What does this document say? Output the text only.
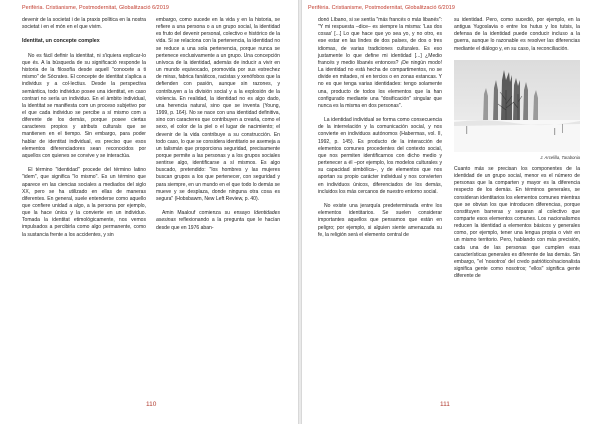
Perifèria. Cristianisme, Postmodernitat, Globalització 6/2019

devenir de la societat i de la praxis política en la nostra societat i en el món en el que vivim.

Identitat, un concepte complex

No es fàcil definir la identitat, ni s'iquiera explicar-lo que és. A la búsqueda de su significació responde la historia de la filosofía desde aquell "conocete a ti mismo" de Sócrates. El concepte de identitat s'aplica a individus y a col·lectius. Desde la perspectiva semàntica, todo individuo posee una identitat, en caso contrari no sería un individuo. En el àmbito individual, la identitat se manifiesta com un proceso subjetivo por el que cada individuo se percibe a sí mismo com a diferente de los demás, porque posee ciertas caracteres propios y atributs culturals que se mantienen en el tiempo. Sin embargo, para poder hablar de identitat individual, es preciso que esos elementos diferenciadores sean reconocidos por aquellos con quienes se convive y se interactúa.

El término "identidad" procede del término latino "idem", que significa "lo mismo". Es un término que aparece en las ciencias sociales a mediados del siglo XX, pero se ha utilizado en ellas de maneras diferentes. En general, suele entenderse como aquello que confiere unidad a algo, a la persona por ejemplo, que la hace única y la convierte en un individuo. Tomada la identitat etimológicamente, nos vemos impulsados a percibirla como algo permanente, como la sustancia frente a los accidentes, y sin

embargo, como sucede en la vida y en la historia, se refiere a una persona o a un grupo social, la identidad es fruto del devenir personal, colectivo e histórico de la vida. Si se relaciona con la pertenencia, la identidad no se reduce a una sola pertenencia, porque nunca se pertenece exclusivamente a un grupo. Una concepción unívoca de la identidad, además de inducir a vivir en un mundo equivocado, promovida por sus estrechez de miras, fabrica fanáticos, racistas y xenófobos que la defienden con pasión, aunque sin razones, y contribuyen a la división social y a la explosión de la violencia. En realidad, la identidad no es algo dado, una herencia natural, sino que se inventa (Young, 1999, p. 164). No se nace con una identidad definitiva, sino con caracteres que contribuyen a crearla, como el sexo, el color de la piel o el lugar de nacimiento; el devenir de la vida contribuye a su construcción. En todo caso, lo que se considera identitario se asemeja a un talismán que proporciona seguridad, precisamente porque permite a las personas y a los grupos sociales sentirse algo, identificarse a sí mismos. Es algo buscado, pretendido: "los hombres y las mujeres buscan grupos a los que pertenecer, con seguridad y para siempre, en un mundo en el que todo lo demás se mueve y se desplaza, donde ninguna otra cosa es segura" (Hobsbawm, New Left Review, p. 40).

Amin Maalouf comienza su ensayo Identidades asesinas reflexionando a la pregunta que le hacían desde que en 1976 aban-

110
Perifèria. Cristianisme, Postmodernitat, Globalització 6/2019

donó Líbano, si se sentía "más francés o más libanés": "Y mi respuesta –dice– es siempre la misma: 'Las dos cosas' [...] Lo que hace que yo sea yo, y no otro, es ese estar en las lindes de dos países, de dos o tres idiomas, de varias tradiciones culturales. Es eso justamente lo que define mi identidad [...] ¿Medio francés y medio libanés entonces? ¡De ningún modo! La identidad no está hecha de compartimentos, no se divide en mitades, ni en tercios o en zonas estancas. Y no es que tenga varias identidades: tengo solamente una, producto de todos los elementos que la han configurado mediante una "dosificación" singular que nunca es la misma en dos personas".

La identidad individual se forma como consecuencia de la interrelación y la comunicación social, y nos convierte en individuos autónomos (Habermas, vol. II, 1992, p. 145). Es producto de la interacción de elementos comunes procedentes del contexto social, que nos permiten identificarnos con dicho medio y pertenecer a él –por ejemplo, los modelos culturales y su capacidad simbólica–, y de elementos que nos aportan su propio carácter individual y nos convierten en individuos únicos, diferenciados de los demás, incluidos los más cercanos de nuestro entorno social.

No existe una jerarquía predeterminada entre los elementos identitarios. Se suelen considerar importantes aquellos que pensamos que están en peligro; por ejemplo, si alguien siente amenazada su fe, la religión será el elemento central de

su identidad. Pero, como sucedió, por ejemplo, en la antigua Yugoslavia o entre los hutus y los tutsis, la defensa de la identidad puede conducir incluso a la guerra, aunque lo razonable es resolver las diferencias mediante el diálogo y, en su caso, la reconciliación.

J. Arcelilla, Tarabonia

Cuanto más se precisan los componentes de la identidad de un grupo social, menor es el número de personas que la comparten y mayor es la diferencia respecto de los demás. En términos generales, se consideran identitarios los elementos comunes mientras que se obvian los que introducen diferencias, porque constituyen barreras y separan al colectivo que comparte esos elementos comunes. Los nacionalismos reducen la identidad a elementos básicos y generales como, por ejemplo, tener una lengua propia o vivir en un mismo territorio. Pero, hablando con más precisión, cada una de las personas que cumplen esas características generales es diferente de las demás. Sin embargo, "el 'nosotros' del credo patriótico/nacionalista significa gente como nosotros; "ellos" significa gente diferente de

111
